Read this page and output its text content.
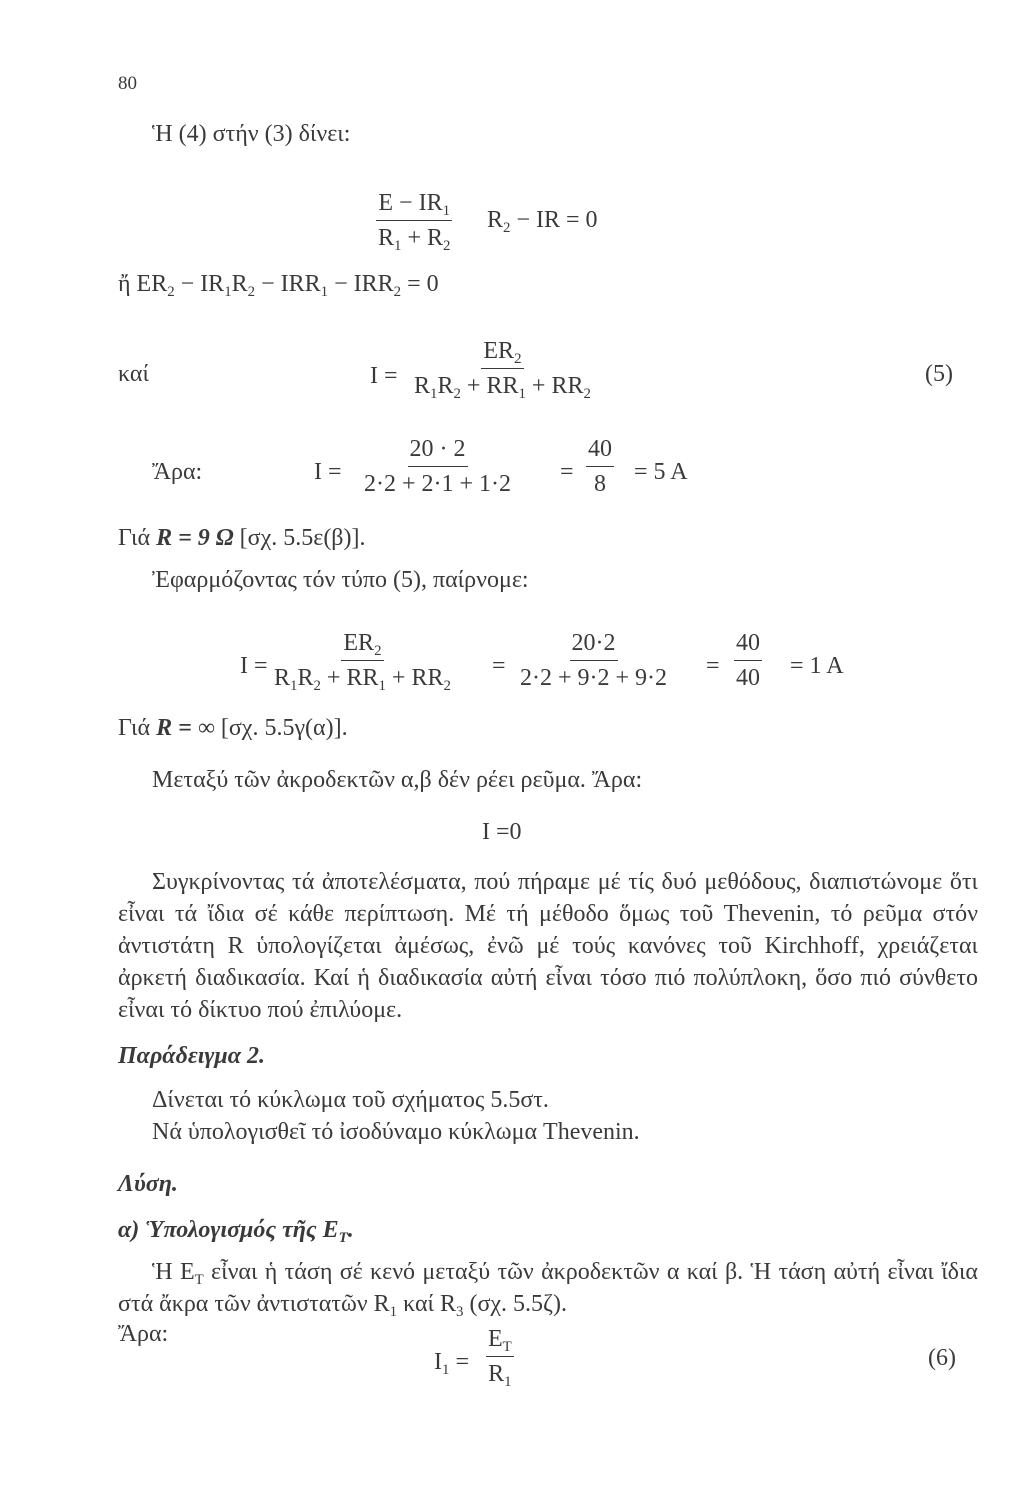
80
Ἡ (4) στήν (3) δίνει:
$\frac{E - IR_1}{R_1 + R_2} R_2$ − IR = 0
ἤ $ER_2 - IR_1R_2 - IRR_1 - IRR_2 = 0$
καί	$I = \frac{ER_2}{R_1R_2 + RR_1 + RR_2}$	(5)
Ἄρα:	$I = \frac{20 \cdot 2}{2\cdot 2 + 2\cdot 1 + 1\cdot 2} = \frac{40}{8} = 5$ A
Γιά R = 9 Ω [σχ. 5.5ε(β)].
Ἐφαρμόζοντας τόν τύπο (5), παίρνομε:
$I = \frac{ER_2}{R_1R_2 + RR_1 + RR_2} = \frac{20\cdot 2}{2\cdot 2 + 9\cdot 2 + 9\cdot 2} = \frac{40}{40} = 1$ A
Γιά R = ∞ [σχ. 5.5γ(α)].
Μεταξύ τῶν ἀκροδεκτῶν α,β δέν ρέει ρεῦμα. Ἄρα:
I =0
Συγκρίνοντας τά ἀποτελέσματα, πού πήραμε μέ τίς δυό μεθόδους, διαπιστώνομε ὅτι εἶναι τά ἴδια σέ κάθε περίπτωση. Μέ τή μέθοδο ὅμως τοῦ Thevenin, τό ρεῦμα στόν ἀντιστάτη R ὑπολογίζεται ἀμέσως, ἐνῶ μέ τούς κανόνες τοῦ Kirchhoff, χρειάζεται ἀρκετή διαδικασία. Καί ἡ διαδικασία αὐτή εἶναι τόσο πιό πολύπλοκη, ὅσο πιό σύνθετο εἶναι τό δίκτυο πού ἐπιλύομε.
Παράδειγμα 2.
Δίνεται τό κύκλωμα τοῦ σχήματος 5.5στ.
Νά ὑπολογισθεῖ τό ἰσοδύναμο κύκλωμα Thevenin.
Λύση.
α) Ὑπολογισμός τῆς $E_T$.
Ἡ $E_T$ εἶναι ἡ τάση σέ κενό μεταξύ τῶν ἀκροδεκτῶν α καί β. Ἡ τάση αὐτή εἶναι ἴδια στά ἄκρα τῶν ἀντιστατῶν $R_1$ καί $R_3$ (σχ. 5.5ζ).
Ἄρα:
$I_1 = \frac{E_T}{R_1}$	(6)
